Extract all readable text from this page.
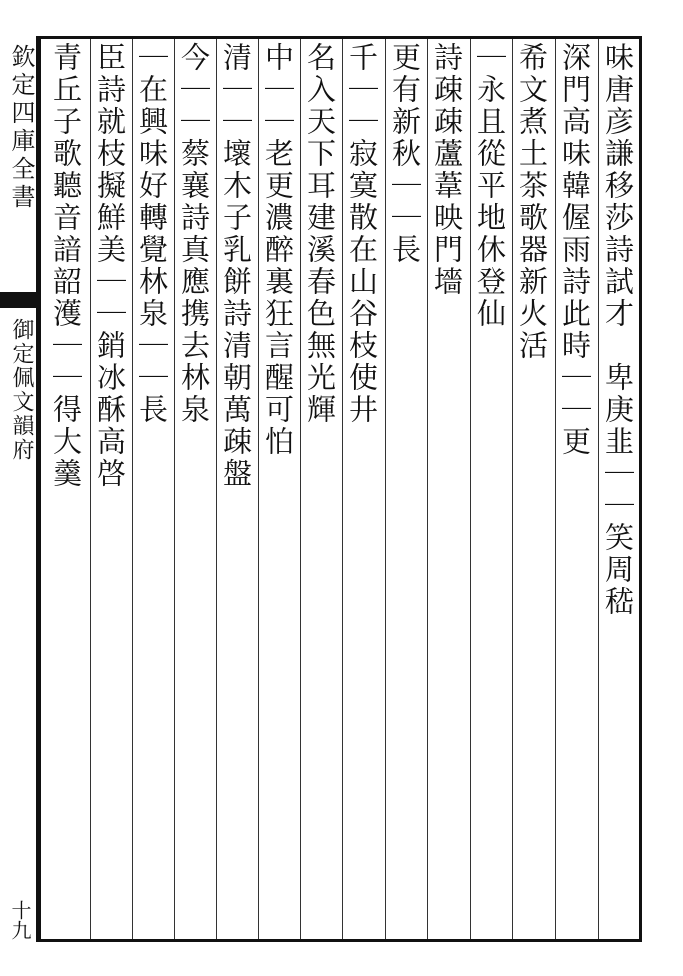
欽定四庫全書
御定佩文韻府
十九
味唐彦謙移莎詩試才　卑庚韭｜｜笑周嵇
深門高味韓偓雨詩此時｜｜更
希文煮土茶歌器新火活
｜永且從平地休登仙
詩疎疎蘆葦映門墻
更有新秋｜｜長
千｜｜寂寞散在山谷枝使井
名入天下耳建溪春色無光輝
中｜｜老更濃醉裏狂言醒可怕
清｜｜壞木子乳餅詩清朝萬疎盤
今｜｜蔡襄詩真應携去林泉
｜在興味好轉覺林泉｜｜長
臣詩就枝擬鮮美｜｜銷冰酥高啓
青丘子歌聽音諳韶濩｜｜得大羹
